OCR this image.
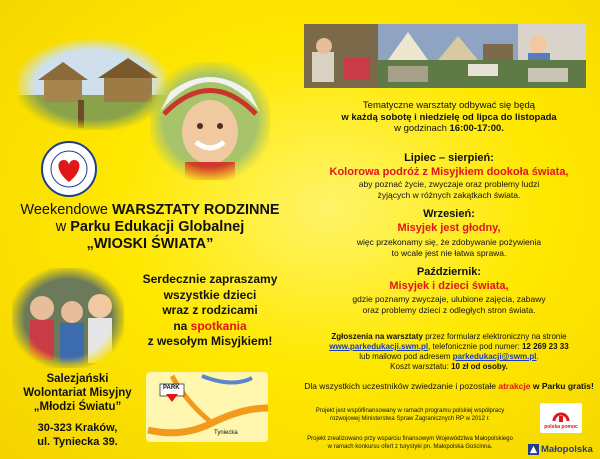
Weekendowe WARSZTATY RODZINNE
w Parku Edukacji Globalnej
„WIOSKI ŚWIATA”
Serdecznie zapraszamy
wszystkie dzieci
wraz z rodzicami
na spotkania
z wesołym Misyjkiem!
Salezjański
Wolontariat Misyjny
„Młodzi Światu”
30-323 Kraków,
ul. Tyniecka 39.
PARK
Tyniecka
Tematyczne warsztaty odbywać się będą
w każdą sobotę i niedzielę od lipca do listopada
w godzinach 16:00-17:00.
Lipiec – sierpień:
Kolorowa podróż z Misyjkiem dookoła świata,
aby poznać życie, zwyczaje oraz problemy ludzi
żyjących w różnych zakątkach świata.
Wrzesień:
Misyjek jest głodny,
więc przekonamy się, że zdobywanie pożywienia
to wcale jest nie łatwa sprawa.
Październik:
Misyjek i dzieci świata,
gdzie poznamy zwyczaje, ulubione zajęcia, zabawy
oraz problemy dzieci z odległych stron świata.
Zgłoszenia na warsztaty przez formularz elektroniczny na stronie
www.parkedukacji.swm.pl, telefonicznie pod numer: 12 269 23 33
lub mailowo pod adresem parkedukacji@swm.pl.
Koszt warsztatu: 10 zł od osoby.
Dla wszystkich uczestników zwiedzanie i pozostałe atrakcje w Parku gratis!
Projekt jest współfinansowany w ramach programu polskiej współpracy
rozwojowej Ministerstwa Spraw Zagranicznych RP w 2012 r.
Projekt zrealizowano przy wsparciu finansowym Województwa Małopolskiego
w ramach konkursu ofert z turystyki pn. Małopolska Gościnna.
polska pomoc
Małopolska
